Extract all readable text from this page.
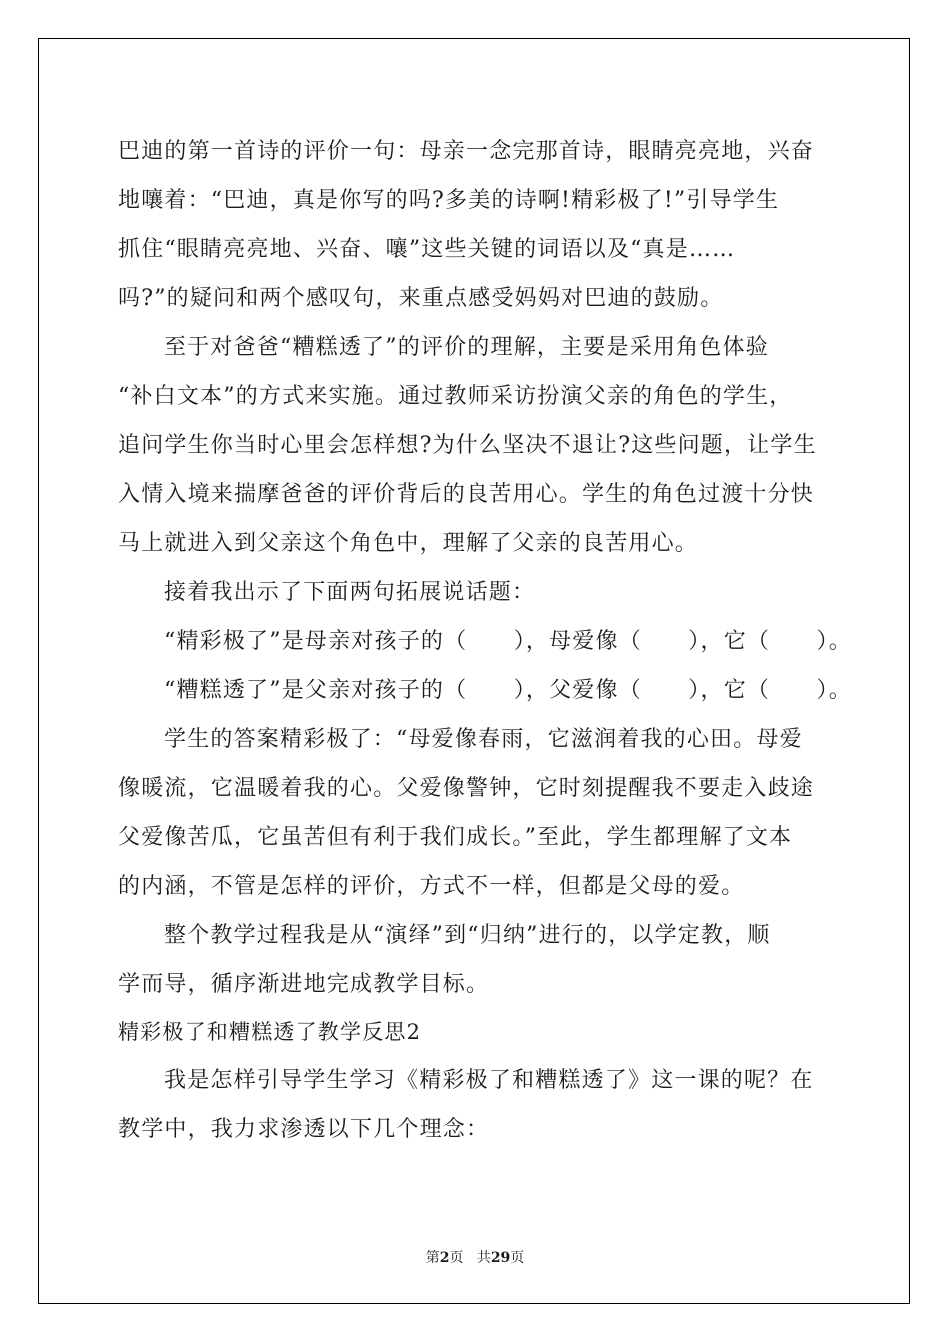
巴迪的第一首诗的评价一句：母亲一念完那首诗，眼睛亮亮地，兴奋
地嚷着：“巴迪，真是你写的吗?多美的诗啊!精彩极了!”引导学生
抓住“眼睛亮亮地、兴奋、嚷”这些关键的词语以及“真是……
吗?”的疑问和两个感叹句，来重点感受妈妈对巴迪的鼓励。
至于对爸爸“糟糕透了”的评价的理解，主要是采用角色体验
“补白文本”的方式来实施。通过教师采访扮演父亲的角色的学生，
追问学生你当时心里会怎样想?为什么坚决不退让?这些问题，让学生
入情入境来揣摩爸爸的评价背后的良苦用心。学生的角色过渡十分快
马上就进入到父亲这个角色中，理解了父亲的良苦用心。
接着我出示了下面两句拓展说话题：
“精彩极了”是母亲对孩子的（　　），母爱像（　　），它（　　）。
“糟糕透了”是父亲对孩子的（　　），父爱像（　　），它（　　）。
学生的答案精彩极了：“母爱像春雨，它滋润着我的心田。母爱
像暖流，它温暖着我的心。父爱像警钟，它时刻提醒我不要走入歧途
父爱像苦瓜，它虽苦但有利于我们成长。”至此，学生都理解了文本
的内涵，不管是怎样的评价，方式不一样，但都是父母的爱。
整个教学过程我是从“演绎”到“归纳”进行的，以学定教，顺
学而导，循序渐进地完成教学目标。
精彩极了和糟糕透了教学反思2
我是怎样引导学生学习《精彩极了和糟糕透了》这一课的呢？在
教学中，我力求渗透以下几个理念：
第2页 共29页
